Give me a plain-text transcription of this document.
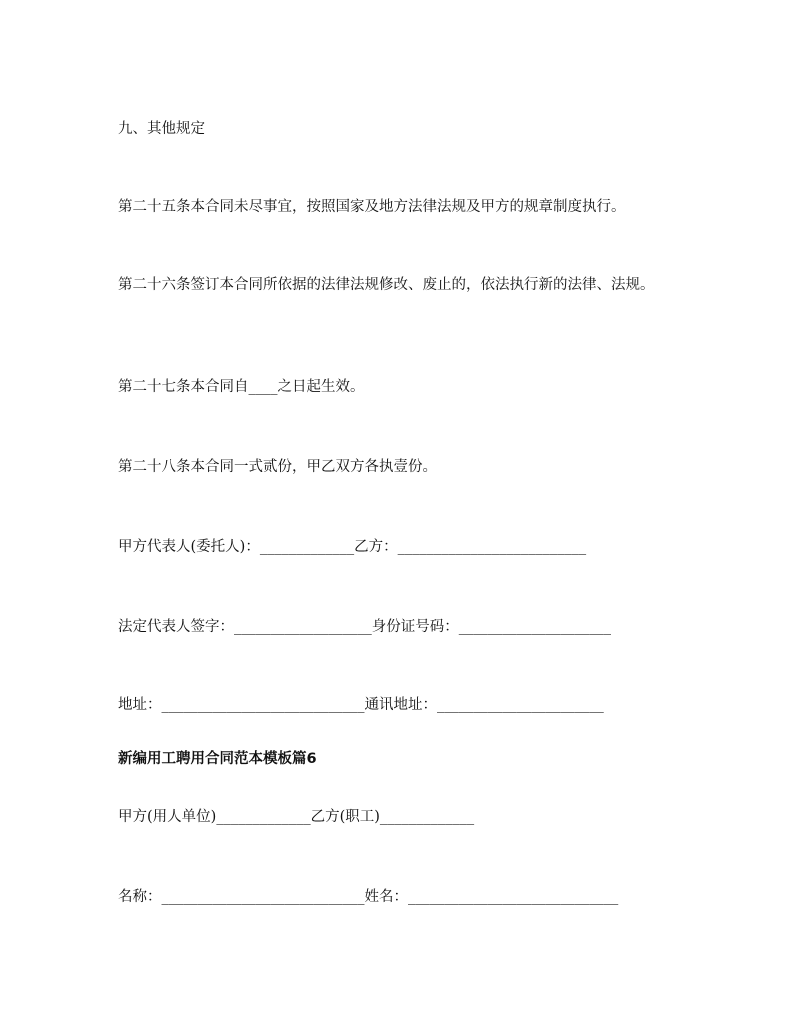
九、其他规定
第二十五条本合同未尽事宜，按照国家及地方法律法规及甲方的规章制度执行。
第二十六条签订本合同所依据的法律法规修改、废止的，依法执行新的法律、法规。
第二十七条本合同自____之日起生效。
第二十八条本合同一式贰份，甲乙双方各执壹份。
甲方代表人(委托人)：_____________乙方：__________________________
法定代表人签字：___________________身份证号码：_____________________
地址：____________________________通讯地址：_______________________
新编用工聘用合同范本模板篇6
甲方(用人单位)_____________乙方(职工)_____________
名称：____________________________姓名：_____________________________
